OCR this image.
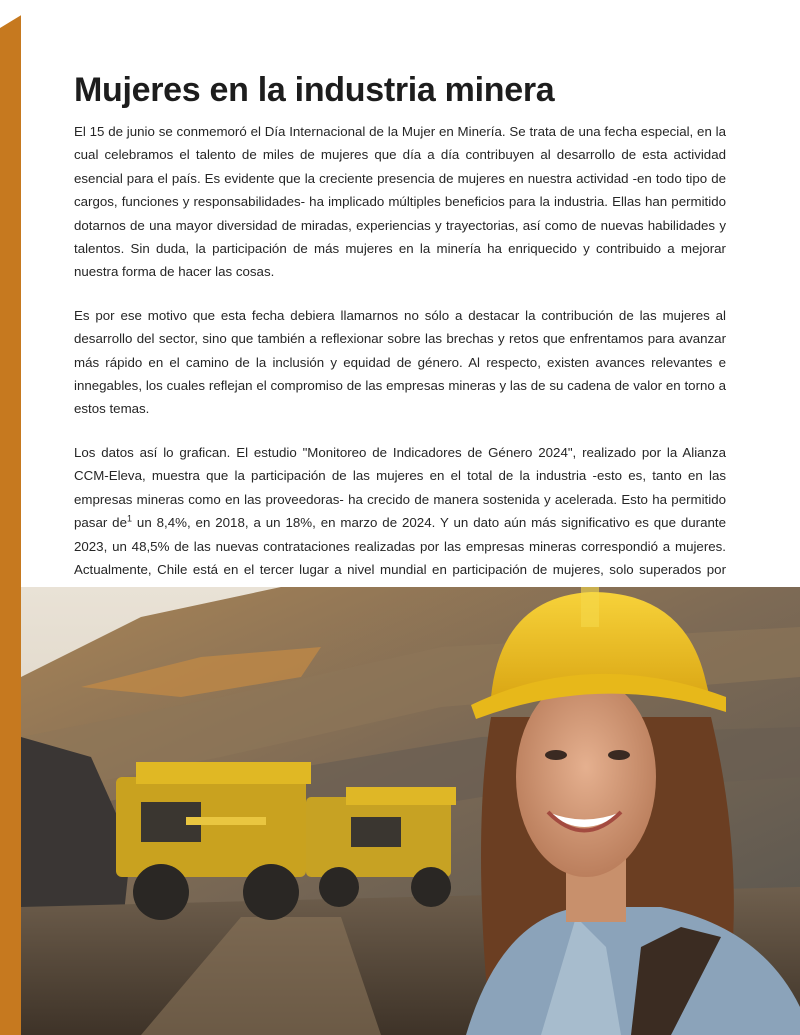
Mujeres en la industria minera

El 15 de junio se conmemoró el Día Internacional de la Mujer en Minería. Se trata de una fecha especial, en la cual celebramos el talento de miles de mujeres que día a día contribuyen al desarrollo de esta actividad esencial para el país. Es evidente que la creciente presencia de mujeres en nuestra actividad -en todo tipo de cargos, funciones y responsabilidades- ha implicado múltiples beneficios para la industria. Ellas han permitido dotarnos de una mayor diversidad de miradas, experiencias y trayectorias, así como de nuevas habilidades y talentos. Sin duda, la participación de más mujeres en la minería ha enriquecido y contribuido a mejorar nuestra forma de hacer las cosas.

Es por ese motivo que esta fecha debiera llamarnos no sólo a destacar la contribución de las mujeres al desarrollo del sector, sino que también a reflexionar sobre las brechas y retos que enfrentamos para avanzar más rápido en el camino de la inclusión y equidad de género. Al respecto, existen avances relevantes e innegables, los cuales reflejan el compromiso de las empresas mineras y las de su cadena de valor en torno a estos temas.

Los datos así lo grafican. El estudio "Monitoreo de Indicadores de Género 2024", realizado por la Alianza CCM-Eleva, muestra que la participación de las mujeres en el total de la industria -esto es, tanto en las empresas mineras como en las proveedoras- ha crecido de manera sostenida y acelerada. Esto ha permitido pasar de$^1$ un 8,4%, en 2018, a un 18%, en marzo de 2024. Y un dato aún más significativo es que durante 2023, un 48,5% de las nuevas contrataciones realizadas por las empresas mineras correspondió a mujeres. Actualmente, Chile está en el tercer lugar a nivel mundial en participación de mujeres, solo superados por
